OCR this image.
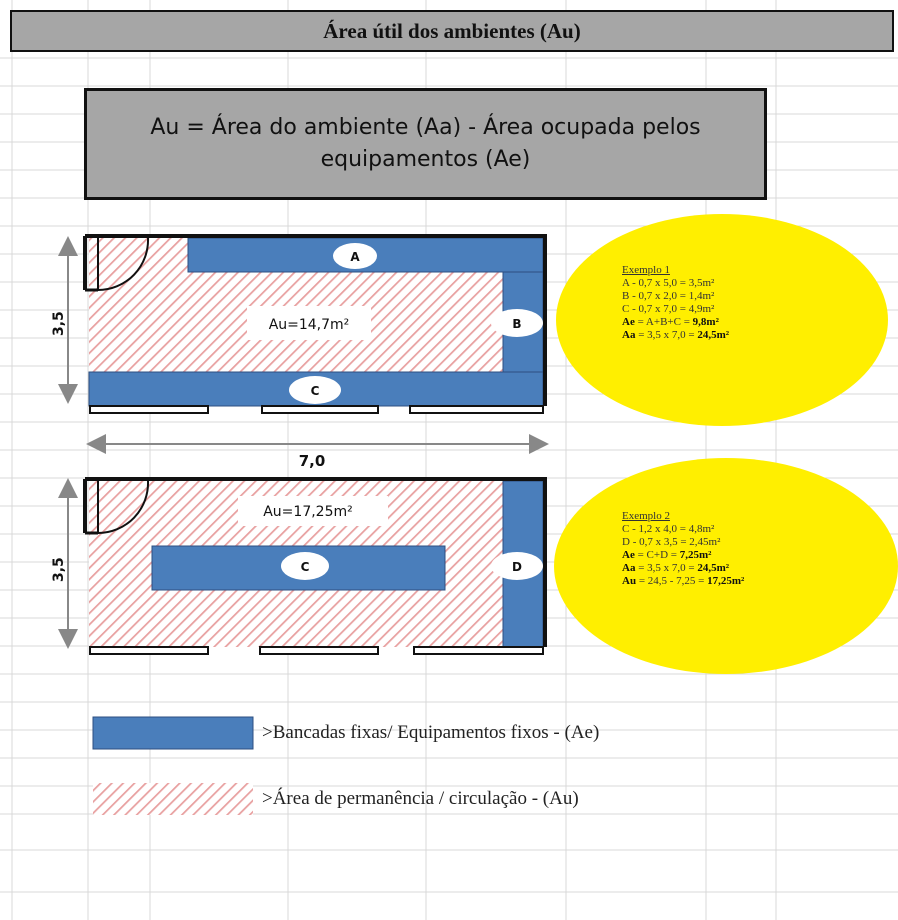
Área útil dos ambientes (Au)
Au = Área do ambiente (Aa) - Área ocupada pelos equipamentos (Ae)
Au=14,7m²
A
B
C
3,5
7,0
Au=17,25m²
C	D
3,5
Exemplo 1
A - 0,7 x 5,0 = 3,5m²
B - 0,7 x 2,0 = 1,4m²
C - 0,7 x 7,0 = 4,9m²
Ae = A+B+C = 9,8m²
Aa = 3,5 x 7,0 = 24,5m²
Exemplo 2
C - 1,2 x 4,0 = 4,8m²
D - 0,7 x 3,5 = 2,45m²
Ae = C+D = 7,25m²
Aa = 3,5 x 7,0 = 24,5m²
Au = 24,5 - 7,25 = 17,25m²
>Bancadas fixas/ Equipamentos fixos - (Ae)
>Área de permanência / circulação - (Au)
